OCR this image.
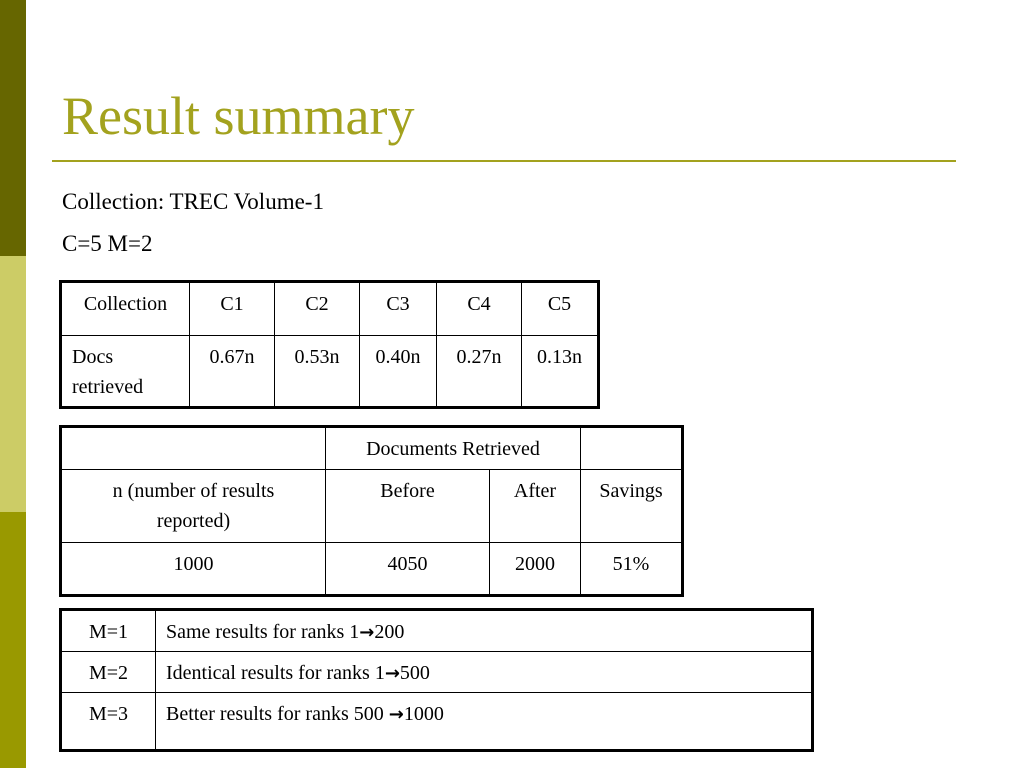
Result summary
Collection: TREC Volume-1
C=5 M=2
Collection	C1	C2	C3	C4	C5
Docs
retrieved	0.67n	0.53n	0.40n	0.27n	0.13n
	Documents Retrieved		
n (number of results
reported)	Before	After	Savings
1000	4050	2000	51%
M=1	Same results for ranks 1→200
M=2	Identical results for ranks 1→500
M=3	Better results for ranks 500 →1000
